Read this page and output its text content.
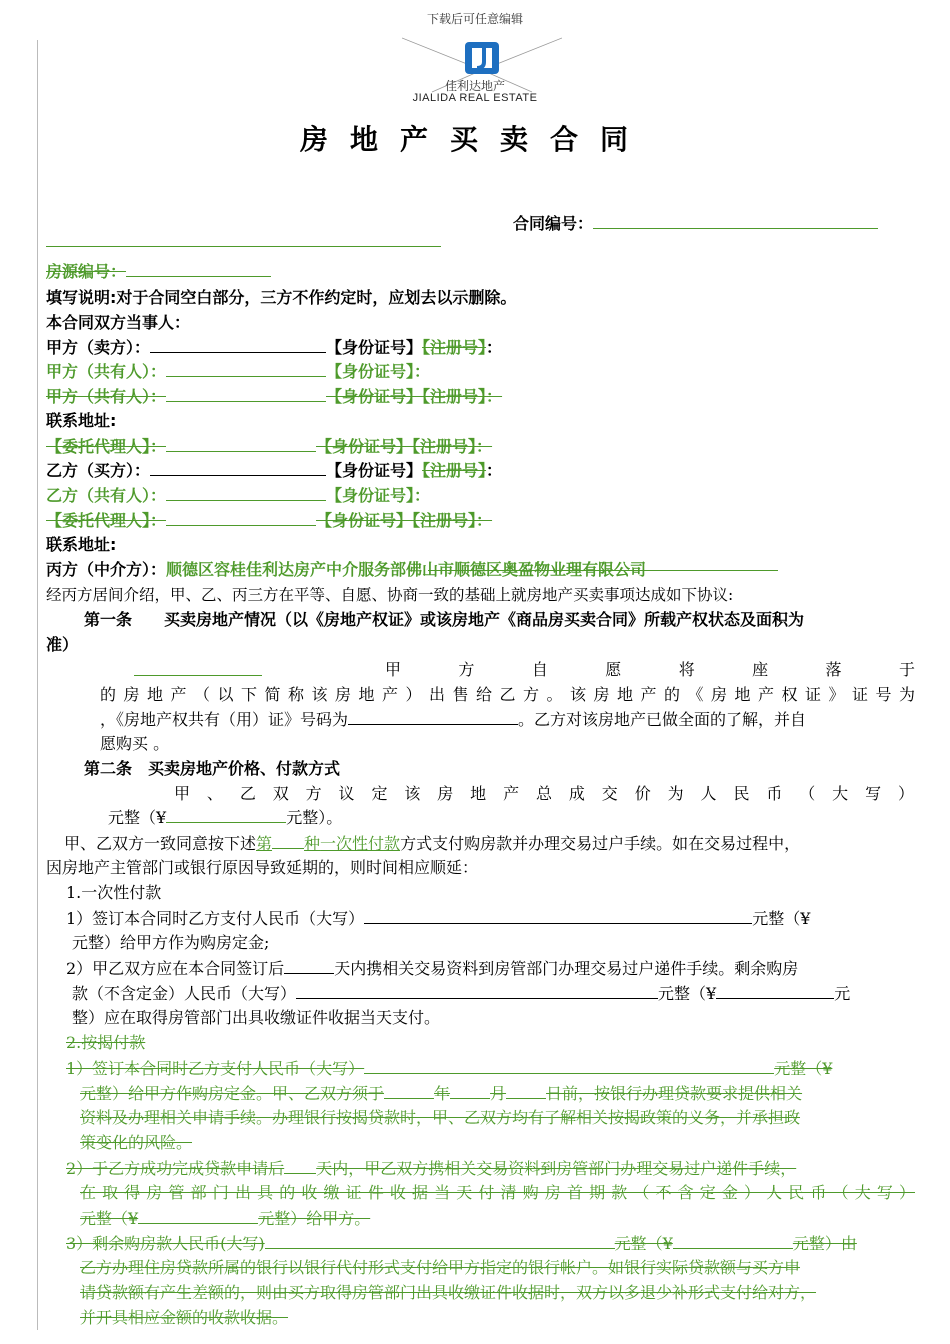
下载后可任意编辑
佳利达地产
JIALIDA REAL ESTATE
房地产买卖合同
合同编号：
房源编号：
填写说明:对于合同空白部分，三方不作约定时，应划去以示删除。
本合同双方当事人：
甲方（卖方）：	【身份证号】【注册号】：
甲方（共有人）：	【身份证号】：
甲方（共有人）：	【身份证号】【注册号】：
联系地址:
【委托代理人】：	【身份证号】【注册号】：
乙方（买方）：	【身份证号】【注册号】：
乙方（共有人）：	【身份证号】：
【委托代理人】：	【身份证号】【注册号】：
联系地址:
丙方（中介方）：顺德区容桂佳利达房产中介服务部佛山市顺德区奥盈物业理有限公司
经丙方居间介绍，甲、乙、丙三方在平等、自愿、协商一致的基础上就房地产买卖事项达成如下协议:
第一条　　买卖房地产情况（以《房地产权证》或该房地产《商品房买卖合同》所载产权状态及面积为
准）
甲　方　自　愿　将　座　落　于
的房地产（以下简称该房地产）出售给乙方。该房地产的《房地产权证》证号为
，《房地产权共有（用）证》号码为	。乙方对该房地产已做全面的了解，并自
愿购买 。
第二条　买卖房地产价格、付款方式
甲、乙双方议定该房地产总成交价为人民币（大写）
元整（¥	元整）。
甲、乙双方一致同意按下述第 种一次性付款方式支付购房款并办理交易过户手续。如在交易过程中，
因房地产主管部门或银行原因导致延期的，则时间相应顺延：
1.一次性付款
1）签订本合同时乙方支付人民币（大写）	元整（¥
元整）给甲方作为购房定金;
2）甲乙双方应在本合同签订后	天内携相关交易资料到房管部门办理交易过户递件手续。剩余购房
款（不含定金）人民币（大写）	元整（¥	元
整）应在取得房管部门出具收缴证件收据当天支付。
2.按揭付款
1）签订本合同时乙方支付人民币（大写）	元整（¥
元整）给甲方作购房定金。甲、乙双方须于	年	月	日前，按银行办理贷款要求提供相关
资料及办理相关申请手续。办理银行按揭贷款时，甲、乙双方均有了解相关按揭政策的义务，并承担政
策变化的风险。
2）于乙方成功完成贷款申请后 天内，甲乙双方携相关交易资料到房管部门办理交易过户递件手续，
在取得房管部门出具的收缴证件收据当天付清购房首期款（不含定金）人民币（大写）
元整（¥	元整）给甲方。
3）剩余购房款人民币(大写)	元整（¥	元整）由
乙方办理住房贷款所属的银行以银行代付形式支付给甲方指定的银行帐户。如银行实际贷款额与买方申
请贷款额有产生差额的，则由买方取得房管部门出具收缴证件收据时，双方以多退少补形式支付给对方，
并开具相应金额的收款收据。
